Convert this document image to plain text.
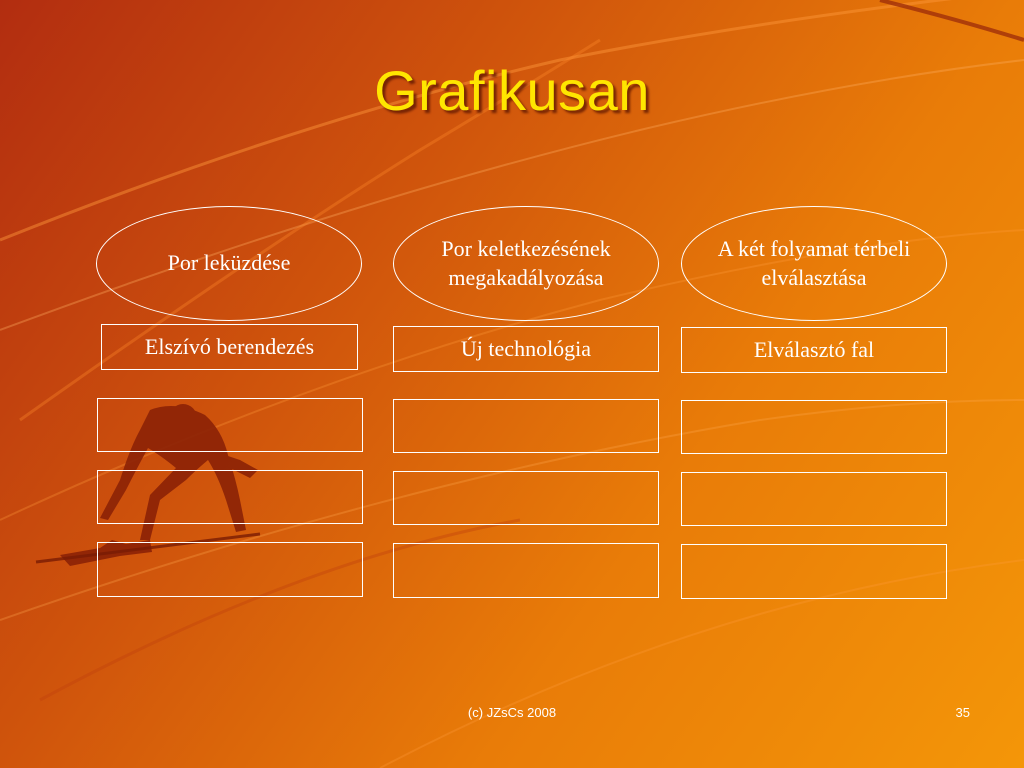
Grafikusan
Por leküzdése
Elszívó berendezés
Por keletkezésének megakadályozása
Új technológia
A két folyamat térbeli elválasztása
Elválasztó fal
(c) JZsCs 2008	35
